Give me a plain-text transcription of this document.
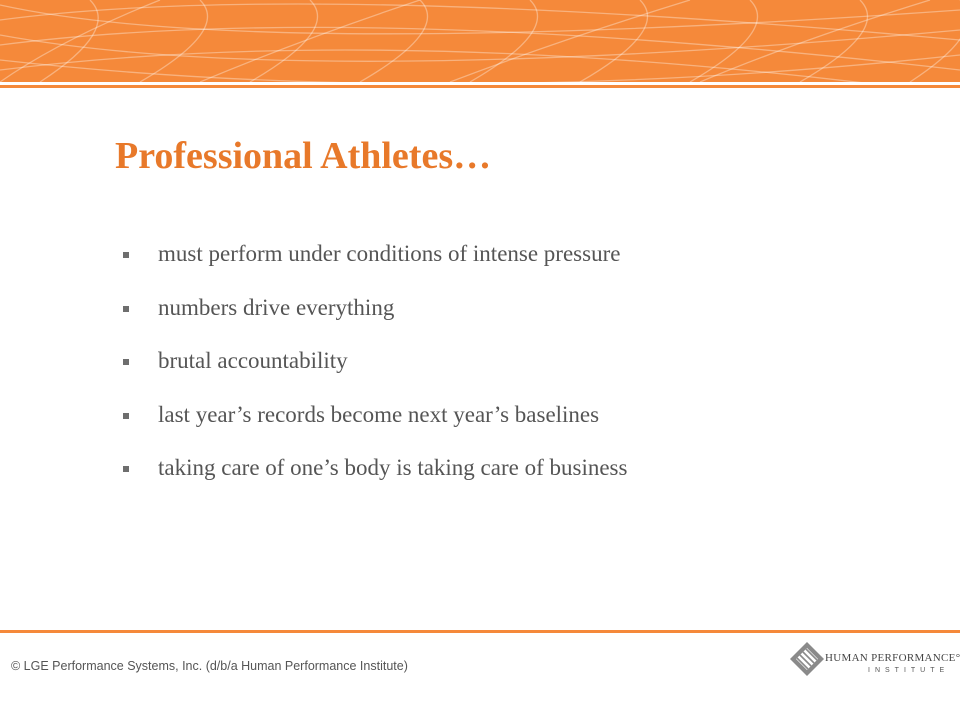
Professional Athletes…
must perform under conditions of intense pressure
numbers drive everything
brutal accountability
last year’s records become next year’s baselines
taking care of one’s body is taking care of business
© LGE Performance Systems, Inc. (d/b/a Human Performance Institute)
HUMAN PERFORMANCE°
INSTITUTE
